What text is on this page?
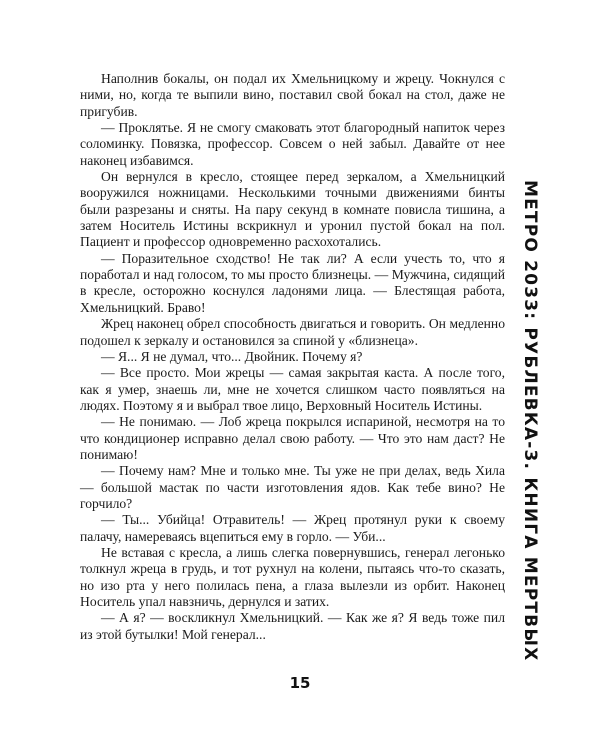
Наполнив бокалы, он подал их Хмельницкому и жрецу. Чокнулся с ними, но, когда те выпили вино, поставил свой бокал на стол, даже не пригубив.

— Проклятье. Я не смогу смаковать этот благородный напиток через соломинку. Повязка, профессор. Совсем о ней забыл. Давайте от нее наконец избавимся.

Он вернулся в кресло, стоящее перед зеркалом, а Хмельницкий вооружился ножницами. Несколькими точными движениями бинты были разрезаны и сняты. На пару секунд в комнате повисла тишина, а затем Носитель Истины вскрикнул и уронил пустой бокал на пол. Пациент и профессор одновременно расхохотались.

— Поразительное сходство! Не так ли? А если учесть то, что я поработал и над голосом, то мы просто близнецы. — Мужчина, сидящий в кресле, осторожно коснулся ладонями лица. — Блестящая работа, Хмельницкий. Браво!

Жрец наконец обрел способность двигаться и говорить. Он медленно подошел к зеркалу и остановился за спиной у «близнеца».

— Я... Я не думал, что... Двойник. Почему я?

— Все просто. Мои жрецы — самая закрытая каста. А после того, как я умер, знаешь ли, мне не хочется слишком часто появляться на людях. Поэтому я и выбрал твое лицо, Верховный Носитель Истины.

— Не понимаю. — Лоб жреца покрылся испариной, несмотря на то что кондиционер исправно делал свою работу. — Что это нам даст? Не понимаю!

— Почему нам? Мне и только мне. Ты уже не при делах, ведь Хила — большой мастак по части изготовления ядов. Как тебе вино? Не горчило?

— Ты... Убийца! Отравитель! — Жрец протянул руки к своему палачу, намереваясь вцепиться ему в горло. — Уби...

Не вставая с кресла, а лишь слегка повернувшись, генерал легонько толкнул жреца в грудь, и тот рухнул на колени, пытаясь что-то сказать, но изо рта у него полилась пена, а глаза вылезли из орбит. Наконец Носитель упал навзничь, дернулся и затих.

— А я? — воскликнул Хмельницкий. — Как же я? Я ведь тоже пил из этой бутылки! Мой генерал...	МЕТРО 2033: РУБЛЕВКА-3. КНИГА МЕРТВЫХ
15
